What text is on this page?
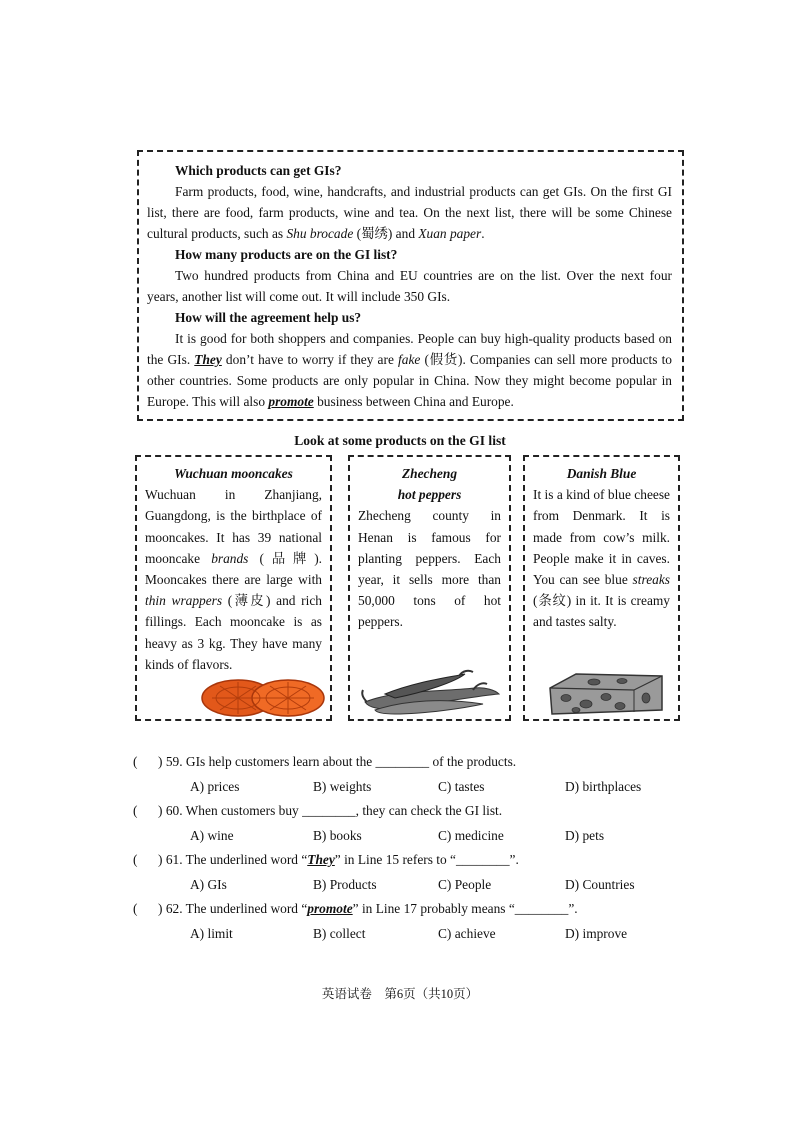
Which products can get GIs?

Farm products, food, wine, handcrafts, and industrial products can get GIs. On the first GI list, there are food, farm products, wine and tea. On the next list, there will be some Chinese cultural products, such as Shu brocade (蜀绣) and Xuan paper.

How many products are on the GI list?

Two hundred products from China and EU countries are on the list. Over the next four years, another list will come out. It will include 350 GIs.

How will the agreement help us?

It is good for both shoppers and companies. People can buy high-quality products based on the GIs. They don’t have to worry if they are fake (假货). Companies can sell more products to other countries. Some products are only popular in China. Now they might become popular in Europe. This will also promote business between China and Europe.

Look at some products on the GI list

Wuchuan mooncakes

Wuchuan in Zhanjiang, Guangdong, is the birthplace of mooncakes. It has 39 national mooncake brands (品牌). Mooncakes there are large with thin wrappers (薄皮) and rich fillings. Each mooncake is as heavy as 3 kg. They have many kinds of flavors.

Zhecheng

hot peppers

Zhecheng county in Henan is famous for planting peppers. Each year, it sells more than 50,000 tons of hot peppers.

Danish Blue

It is a kind of blue cheese from Denmark. It is made from cow’s milk. People make it in caves. You can see blue streaks (条纹) in it. It is creamy and tastes salty.

( ) 59. GIs help customers learn about the ________ of the products.
A) prices	B) weights	C) tastes	D) birthplaces
( ) 60. When customers buy ________, they can check the GI list.
A) wine	B) books	C) medicine	D) pets
( ) 61. The underlined word “They” in Line 15 refers to “________”.
A) GIs	B) Products	C) People	D) Countries
( ) 62. The underlined word “promote” in Line 17 probably means “________”.
A) limit	B) collect	C) achieve	D) improve
英语试卷　第6页（共10页）
